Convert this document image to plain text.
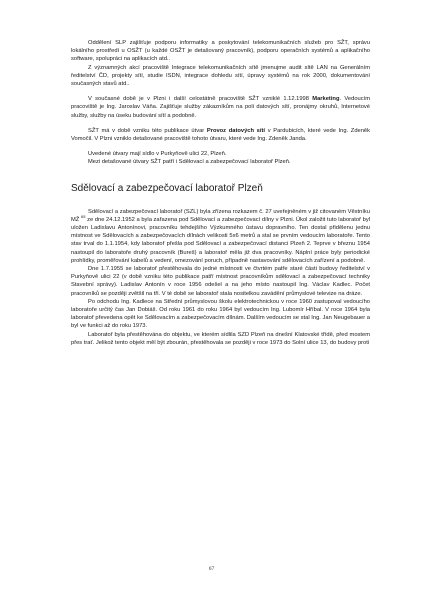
Oddělení SLP zajišťuje podporu informatiky a poskytování telekomunikačních služeb pro SŽT, správu lokálního prostředí u OSŽT (u každé OSŽT je detašovaný pracovník), podporu operačních systémů a aplikačního software, spolupráci na aplikacích atd..

Z významných akcí pracoviště Integrace telekomunikačních sítě jmenujme audit sítě LAN na Generálním ředitelství ČD, projekty sítí, studie ISDN, integrace dohledu sítí, úpravy systémů na rok 2000, dokumentování současných stavů atd..

V současné době je v Plzni i další celostátně pracoviště SŽT vzniklé 1.12.1998 Marketing. Vedoucím pracoviště je Ing. Jaroslav Váňa. Zajišťuje služby zákazníkům na poli datových sítí, pronájmy okruhů, Internetové služby, služby na úseku budování sítí a podobně.

SŽT má v době vzniku této publikace útvar Provoz datových sítí v Pardubicích, které vede Ing. Zdeněk Vomočil. V Plzni vzniklo detašované pracoviště tohoto útvaru, které vede Ing. Zdeněk Janda.

Uvedené útvary mají sídlo v Purkyňově ulici 22, Plzeň.

Mezi detašované útvary SŽT patří i Sdělovací a zabezpečovací laboratoř Plzeň.

Sdělovací a zabezpečovací laboratoř Plzeň

Sdělovací a zabezpečovací laboratoř (SZL) byla zřízena rozkazem č. 27 uveřejněném v již citovaném Věstníku MŽ $^{65}$ ze dne 24.12.1952 a byla zařazena pod Sdělovací a zabezpečovací dílny v Plzni. Úkol založit tuto laboratoř byl uložen Ladislavu Antonínovi, pracovníku tehdejšího Výzkumného ústavu dopravního. Ten dostal přidělenu jednu místnost ve Sdělovacích a zabezpečovacích dílnách velikosti 5x6 metrů a stal se prvním vedoucím laboratoře. Tento stav trval do 1.1.1954, kdy laboratoř přešla pod Sdělovací a zabezpečovací distanci Plzeň 2. Teprve v březnu 1954 nastoupil do laboratoře druhý pracovník (Bureš) a laboratoř měla již dva pracovníky. Náplní práce byly periodické prohlídky, proměřování kabelů a vedení, omezování poruch, případně nastavování sdělovacích zařízení a podobně.

Dne 1.7.1955 se laboratoř přestěhovala do jedné místnosti ve čtvrtém patře staré části budovy ředitelství v Purkyňově ulici 22 (v době vzniku této publikace patří místnost pracovníkům sdělovací a zabezpečovací techniky Stavební správy). Ladislav Antonín v roce 1956 odešel a na jeho místo nastoupil Ing. Václav Kadlec. Počet pracovníků se později zvětšil na tři. V té době se laboratoř stala nositelkou zavádění průmyslové televize na dráze.

Po odchodu Ing. Kadlece na Střední průmyslovou školu elektrotechnickou v roce 1960 zastupoval vedoucího laboratoře určitý čas Jan Dobiáš. Od roku 1961 do roku 1964 byl vedoucím Ing. Lubomír Hříbal. V roce 1964 byla laboratoř převedena opět ke Sdělovacím a zabezpečovacím dílnám. Dalším vedoucím se stal Ing. Jan Neugebauer a byl ve funkci až do roku 1973.

Laboratoř byla přestěhována do objektu, ve kterém sídlila SZD Plzeň na dnešní Klatovské třídě, před mostem přes trať. Jelikož tento objekt měl být zbourán, přestěhovala se později v roce 1973 do Solní ulice 13, do budovy proti

67
